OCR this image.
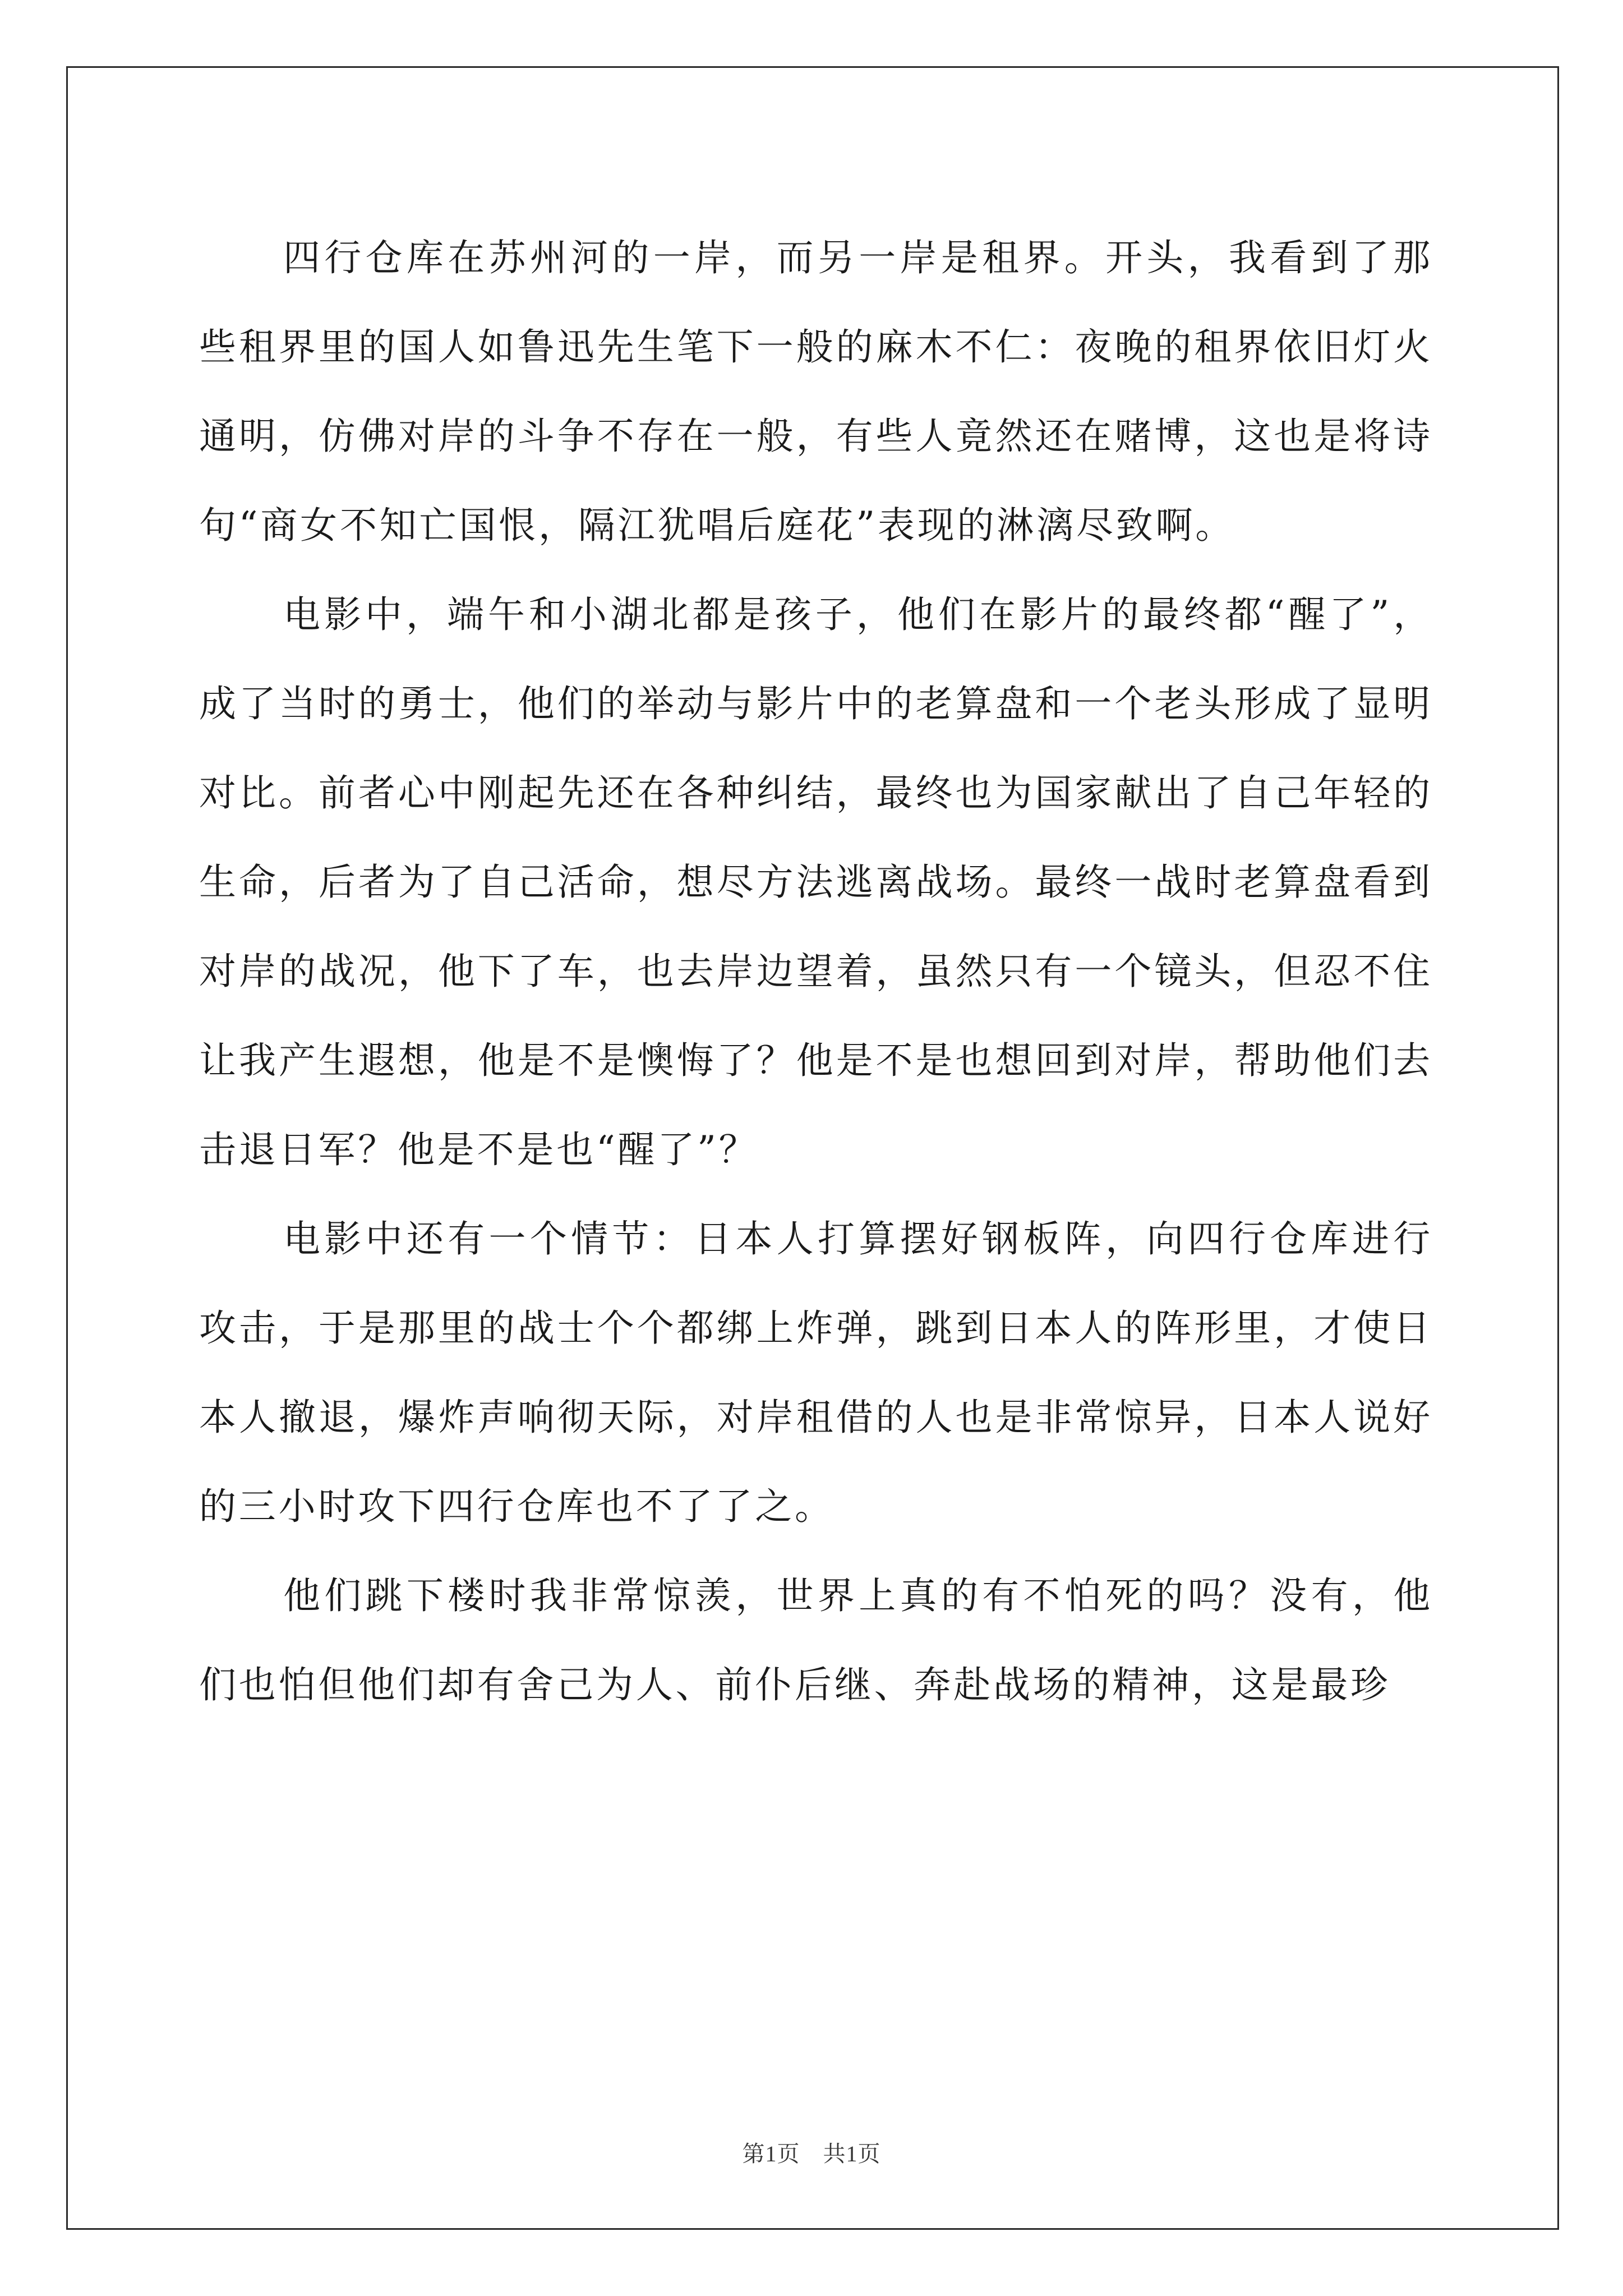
四行仓库在苏州河的一岸，而另一岸是租界。开头，我看到了那些租界里的国人如鲁迅先生笔下一般的麻木不仁：夜晚的租界依旧灯火通明，仿佛对岸的斗争不存在一般，有些人竟然还在赌博，这也是将诗句“商女不知亡国恨，隔江犹唱后庭花”表现的淋漓尽致啊。

电影中，端午和小湖北都是孩子，他们在影片的最终都“醒了”，成了当时的勇士，他们的举动与影片中的老算盘和一个老头形成了显明对比。前者心中刚起先还在各种纠结，最终也为国家献出了自己年轻的生命，后者为了自己活命，想尽方法逃离战场。最终一战时老算盘看到对岸的战况，他下了车，也去岸边望着，虽然只有一个镜头，但忍不住让我产生遐想，他是不是懊悔了？他是不是也想回到对岸，帮助他们去击退日军？他是不是也“醒了”？

电影中还有一个情节：日本人打算摆好钢板阵，向四行仓库进行攻击，于是那里的战士个个都绑上炸弹，跳到日本人的阵形里，才使日本人撤退，爆炸声响彻天际，对岸租借的人也是非常惊异，日本人说好的三小时攻下四行仓库也不了了之。

他们跳下楼时我非常惊羡，世界上真的有不怕死的吗？没有，他们也怕但他们却有舍己为人、前仆后继、奔赴战场的精神，这是最珍

第1页　共1页
